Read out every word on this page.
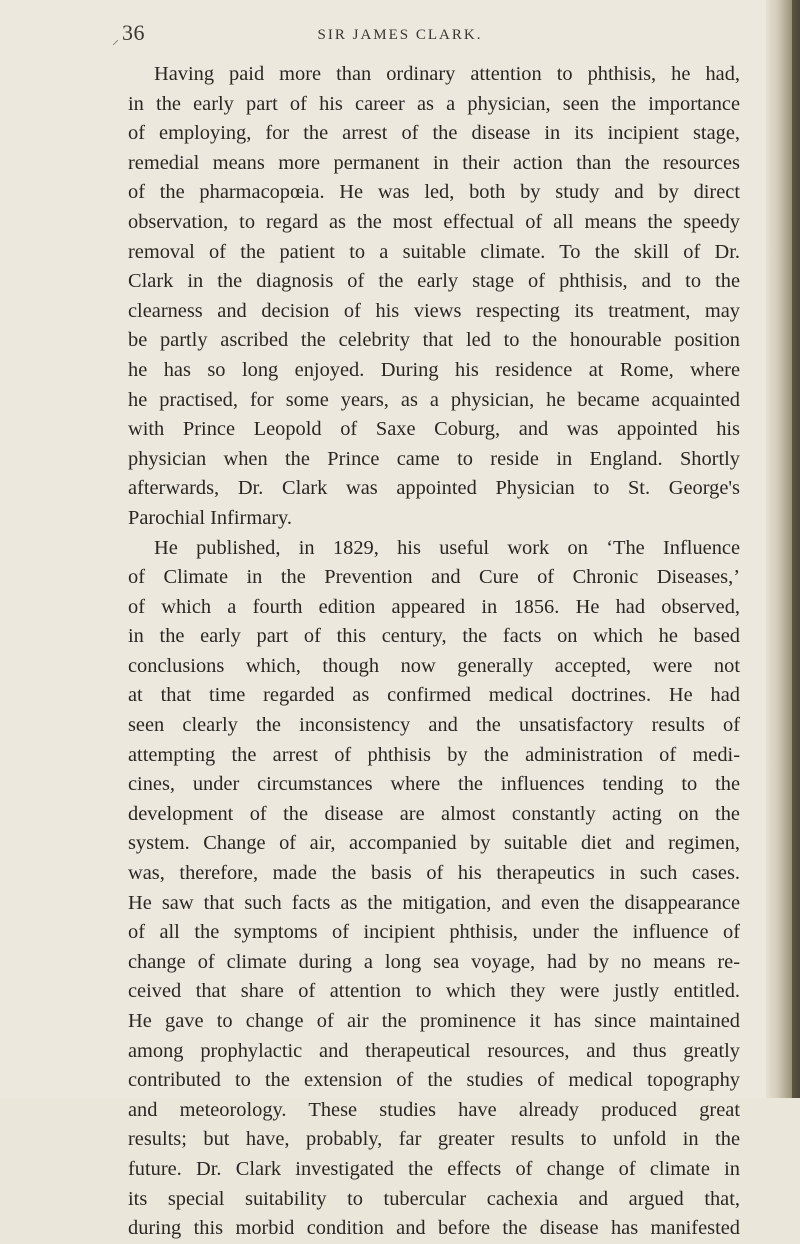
⸝ 36	SIR JAMES CLARK.
Having paid more than ordinary attention to phthisis, he had,
in the early part of his career as a physician, seen the importance
of employing, for the arrest of the disease in its incipient stage,
remedial means more permanent in their action than the resources
of the pharmacopœia. He was led, both by study and by direct
observation, to regard as the most effectual of all means the speedy
removal of the patient to a suitable climate. To the skill of Dr.
Clark in the diagnosis of the early stage of phthisis, and to the
clearness and decision of his views respecting its treatment, may
be partly ascribed the celebrity that led to the honourable position
he has so long enjoyed. During his residence at Rome, where
he practised, for some years, as a physician, he became acquainted
with Prince Leopold of Saxe Coburg, and was appointed his
physician when the Prince came to reside in England. Shortly
afterwards, Dr. Clark was appointed Physician to St. George's
Parochial Infirmary.
He published, in 1829, his useful work on ‘The Influence
of Climate in the Prevention and Cure of Chronic Diseases,’
of which a fourth edition appeared in 1856. He had observed,
in the early part of this century, the facts on which he based
conclusions which, though now generally accepted, were not
at that time regarded as confirmed medical doctrines. He had
seen clearly the inconsistency and the unsatisfactory results of
attempting the arrest of phthisis by the administration of medi-
cines, under circumstances where the influences tending to the
development of the disease are almost constantly acting on the
system. Change of air, accompanied by suitable diet and regimen,
was, therefore, made the basis of his therapeutics in such cases.
He saw that such facts as the mitigation, and even the disappearance
of all the symptoms of incipient phthisis, under the influence of
change of climate during a long sea voyage, had by no means re-
ceived that share of attention to which they were justly entitled.
He gave to change of air the prominence it has since maintained
among prophylactic and therapeutical resources, and thus greatly
contributed to the extension of the studies of medical topography
and meteorology. These studies have already produced great
results; but have, probably, far greater results to unfold in the
future. Dr. Clark investigated the effects of change of climate in
its special suitability to tubercular cachexia and argued that,
during this morbid condition and before the disease has manifested
